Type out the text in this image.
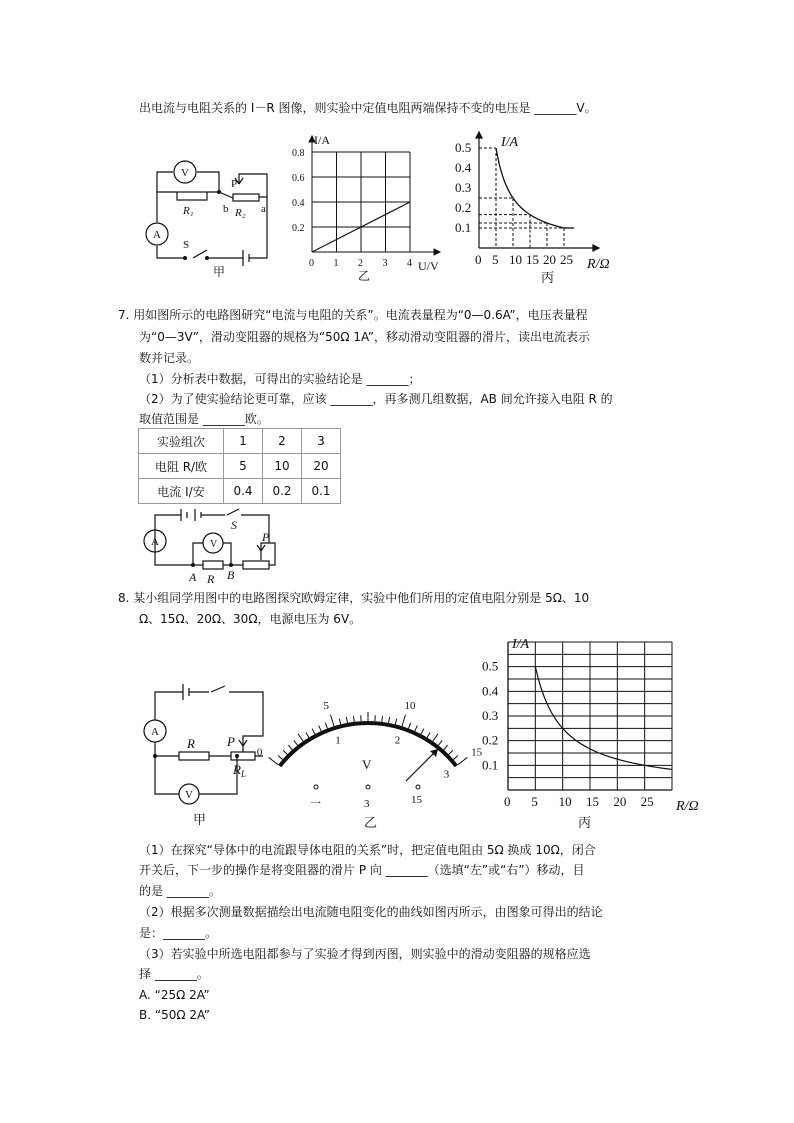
出电流与电阻关系的 I－R 图像，则实验中定值电阻两端保持不变的电压是 _______V。
V
A
P
R₁	b R₂ a
S
甲
0 1 2 3 4
0.2
0.4
0.6
0.8
I/A
U/V
乙
0 5 10 15 20 25
0.1
0.2
0.3
0.4
0.5 I/A
R/Ω
丙
7. 用如图所示的电路图研究“电流与电阻的关系”。电流表量程为“0—0.6A”，电压表量程
为“0—3V”，滑动变阻器的规格为“50Ω 1A”，移动滑动变阻器的滑片，读出电流表示
数并记录。
（1）分析表中数据，可得出的实验结论是 _______；
（2）为了使实验结论更可靠，应该 _______，再多测几组数据，AB 间允许接入电阻 R 的
取值范围是 _______欧。
实验组次	1	2	3
电阻 R/欧	5	10	20
电流 I/安	0.4	0.2	0.1
A	V
S
P
A R B
8. 某小组同学用图中的电路图探究欧姆定律，实验中他们所用的定值电阻分别是 5Ω、10
Ω、15Ω、20Ω、30Ω，电源电压为 6V。
A
V
R P
$R_L$
甲
0
5	10
15
1	2
3
V
一	3	15
乙
0 5 10 15 20 25
0.1
0.2
0.3
0.4
0.5
I/A
R/Ω
丙
（1）在探究“导体中的电流跟导体电阻的关系”时，把定值电阻由 5Ω 换成 10Ω，闭合
开关后，下一步的操作是将变阻器的滑片 P 向 _______（选填“左”或“右”）移动，目
的是 _______。
（2）根据多次测量数据描绘出电流随电阻变化的曲线如图丙所示，由图象可得出的结论
是：_______。
（3）若实验中所选电阻都参与了实验才得到丙图，则实验中的滑动变阻器的规格应选
择 _______。
A. “25Ω 2A”
B. “50Ω 2A”
